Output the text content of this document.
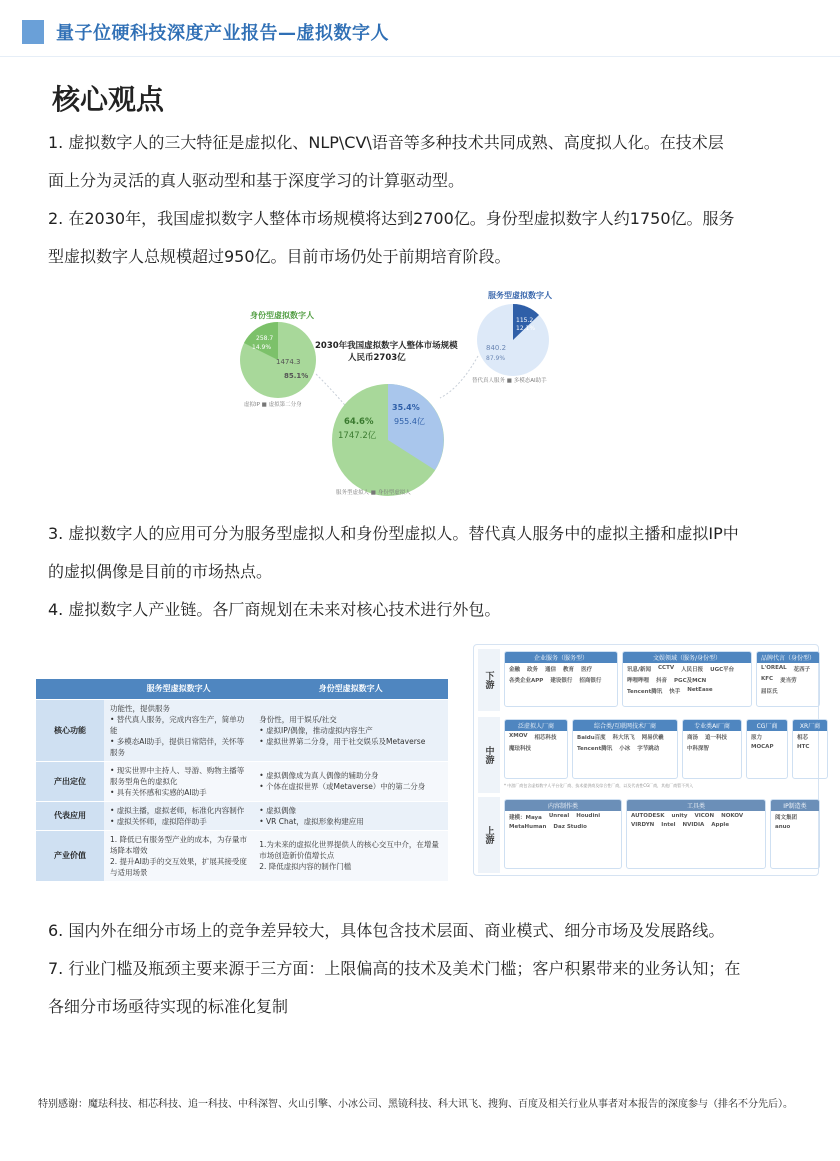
量子位硬科技深度产业报告—虚拟数字人
核心观点
1. 虚拟数字人的三大特征是虚拟化、NLP\CV\语音等多种技术共同成熟、高度拟人化。在技术层
面上分为灵活的真人驱动型和基于深度学习的计算驱动型。
2. 在2030年，我国虚拟数字人整体市场规模将达到2700亿。身份型虚拟数字人约1750亿。服务
型虚拟数字人总规模超过950亿。目前市场仍处于前期培育阶段。
身份型虚拟数字人
258.7
14.9%
1474.3
85.1%
虚拟IP ■ 虚拟第二分身
2030年我国虚拟数字人整体市场规模
人民币2703亿
服务型虚拟数字人
115.2
12.1%
840.2
87.9%
替代真人服务 ■ 多模态AI助手
35.4%
955.4亿
64.6%
1747.2亿
服务型虚拟人 ■ 身份型虚拟人
3. 虚拟数字人的应用可分为服务型虚拟人和身份型虚拟人。替代真人服务中的虚拟主播和虚拟IP中
的虚拟偶像是目前的市场热点。
4. 虚拟数字人产业链。各厂商规划在未来对核心技术进行外包。
	服务型虚拟数字人	身份型虚拟数字人
核心功能	功能性，提供服务
• 替代真人服务，完成内容生产，简单功能
• 多模态AI助手，提供日常陪伴，关怀等服务	身份性，用于娱乐/社交
• 虚拟IP/偶像，推动虚拟内容生产
• 虚拟世界第二分身，用于社交娱乐及Metaverse
产出定位	• 现实世界中主持人、导游、购物主播等服务型角色的虚拟化
• 具有关怀感和实感的AI助手	• 虚拟偶像成为真人偶像的辅助分身
• 个体在虚拟世界（或Metaverse）中的第二分身
代表应用	• 虚拟主播，虚拟老师，标准化内容制作
• 虚拟关怀师，虚拟陪伴助手	• 虚拟偶像
• VR Chat，虚拟形象构建应用
产业价值	1. 降低已有服务型产业的成本，为存量市场降本增效
2. 提升AI助手的交互效果，扩展其接受度与适用场景	1.为未来的虚拟化世界提供人的核心交互中介，在增量市场创造新价值增长点
2. 降低虚拟内容的制作门槛
下游
企业服务（服务型）
金融	政务	通信	教育	医疗
各类企业APP	建设银行	招商银行
文娱领域（服务/身份型）
讯息/新闻	CCTV	人民日报	UGC平台
哔哩哔哩	抖音	PGC及MCN
Tencent腾讯	快手	NetEase
品牌代言（身份型）
L'OREAL	花西子
KFC	麦当劳
屈臣氏
中游
泛虚拟人厂商
XMOV	相芯科技
魔珐科技
综合类/互联网技术厂商
Baidu百度	科大讯飞	网易伏羲
Tencent腾讯	小冰	字节跳动
专业类AI厂商
商汤	追一科技
中科深智
CG厂商
原力
MOCAP
XR厂商
相芯
HTC
* 中游厂商包含虚拟数字人平台化厂商、技术提供商及综合性厂商，以及代表性CG厂商，其他厂商暂不列入
上游
内容制作类
建模：Maya	Unreal	Houdini
MetaHuman	Daz Studio
工具类
AUTODESK	unity	VICON	NOKOV
VIRDYN	Intel	NVIDIA	Apple
IP制造类
阅文集团
anuo
6. 国内外在细分市场上的竞争差异较大，具体包含技术层面、商业模式、细分市场及发展路线。
7. 行业门槛及瓶颈主要来源于三方面：上限偏高的技术及美术门槛；客户积累带来的业务认知；在
各细分市场亟待实现的标准化复制
特别感谢：魔珐科技、相芯科技、追一科技、中科深智、火山引擎、小冰公司、黑镜科技、科大讯飞、搜狗、百度及相关行业从事者对本报告的深度参与（排名不分先后）。
